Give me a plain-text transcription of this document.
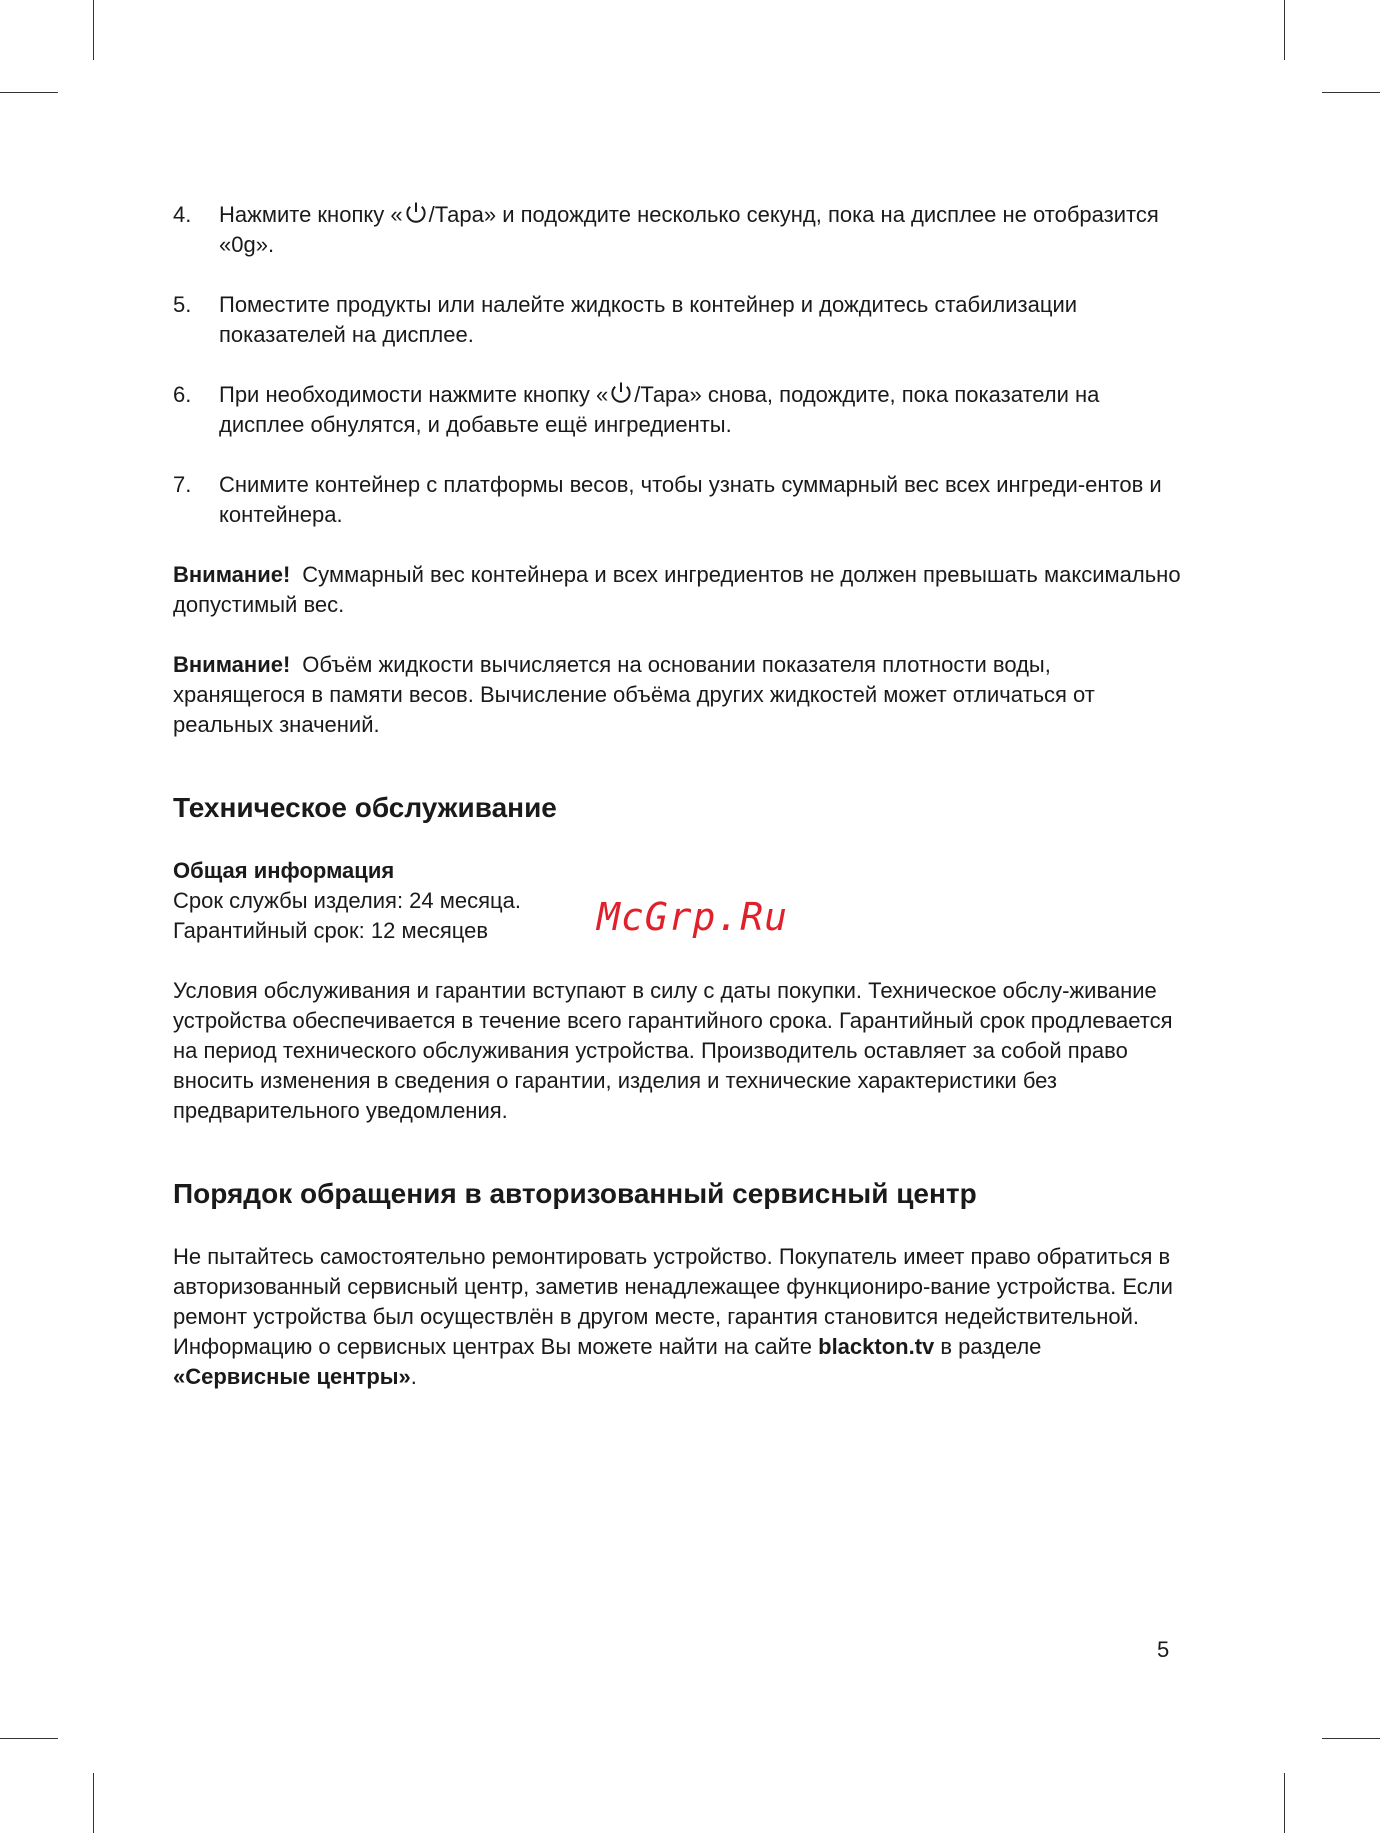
4. Нажмите кнопку « /Тара» и подождите несколько секунд, пока на дисплее не отобразится «0g».
5. Поместите продукты или налейте жидкость в контейнер и дождитесь стабилизации показателей на дисплее.
6. При необходимости нажмите кнопку « /Тара» снова, подождите, пока показатели на дисплее обнулятся, и добавьте ещё ингредиенты.
7. Снимите контейнер с платформы весов, чтобы узнать суммарный вес всех ингреди-ентов и контейнера.

Внимание! Суммарный вес контейнера и всех ингредиентов не должен превышать максимально допустимый вес.

Внимание! Объём жидкости вычисляется на основании показателя плотности воды, хранящегося в памяти весов. Вычисление объёма других жидкостей может отличаться от реальных значений.

Техническое обслуживание
Общая информация

Срок службы изделия: 24 месяца.

Гарантийный срок: 12 месяцев

Условия обслуживания и гарантии вступают в силу с даты покупки. Техническое обслу-живание устройства обеспечивается в течение всего гарантийного срока. Гарантийный срок продлевается на период технического обслуживания устройства. Производитель оставляет за собой право вносить изменения в сведения о гарантии, изделия и технические характеристики без предварительного уведомления.

Порядок обращения в авторизованный сервисный центр

Не пытайтесь самостоятельно ремонтировать устройство. Покупатель имеет право обратиться в авторизованный сервисный центр, заметив ненадлежащее функциониро-вание устройства. Если ремонт устройства был осуществлён в другом месте, гарантия становится недействительной. Информацию о сервисных центрах Вы можете найти на сайте blackton.tv в разделе «Сервисные центры».

McGrp.Ru
5
